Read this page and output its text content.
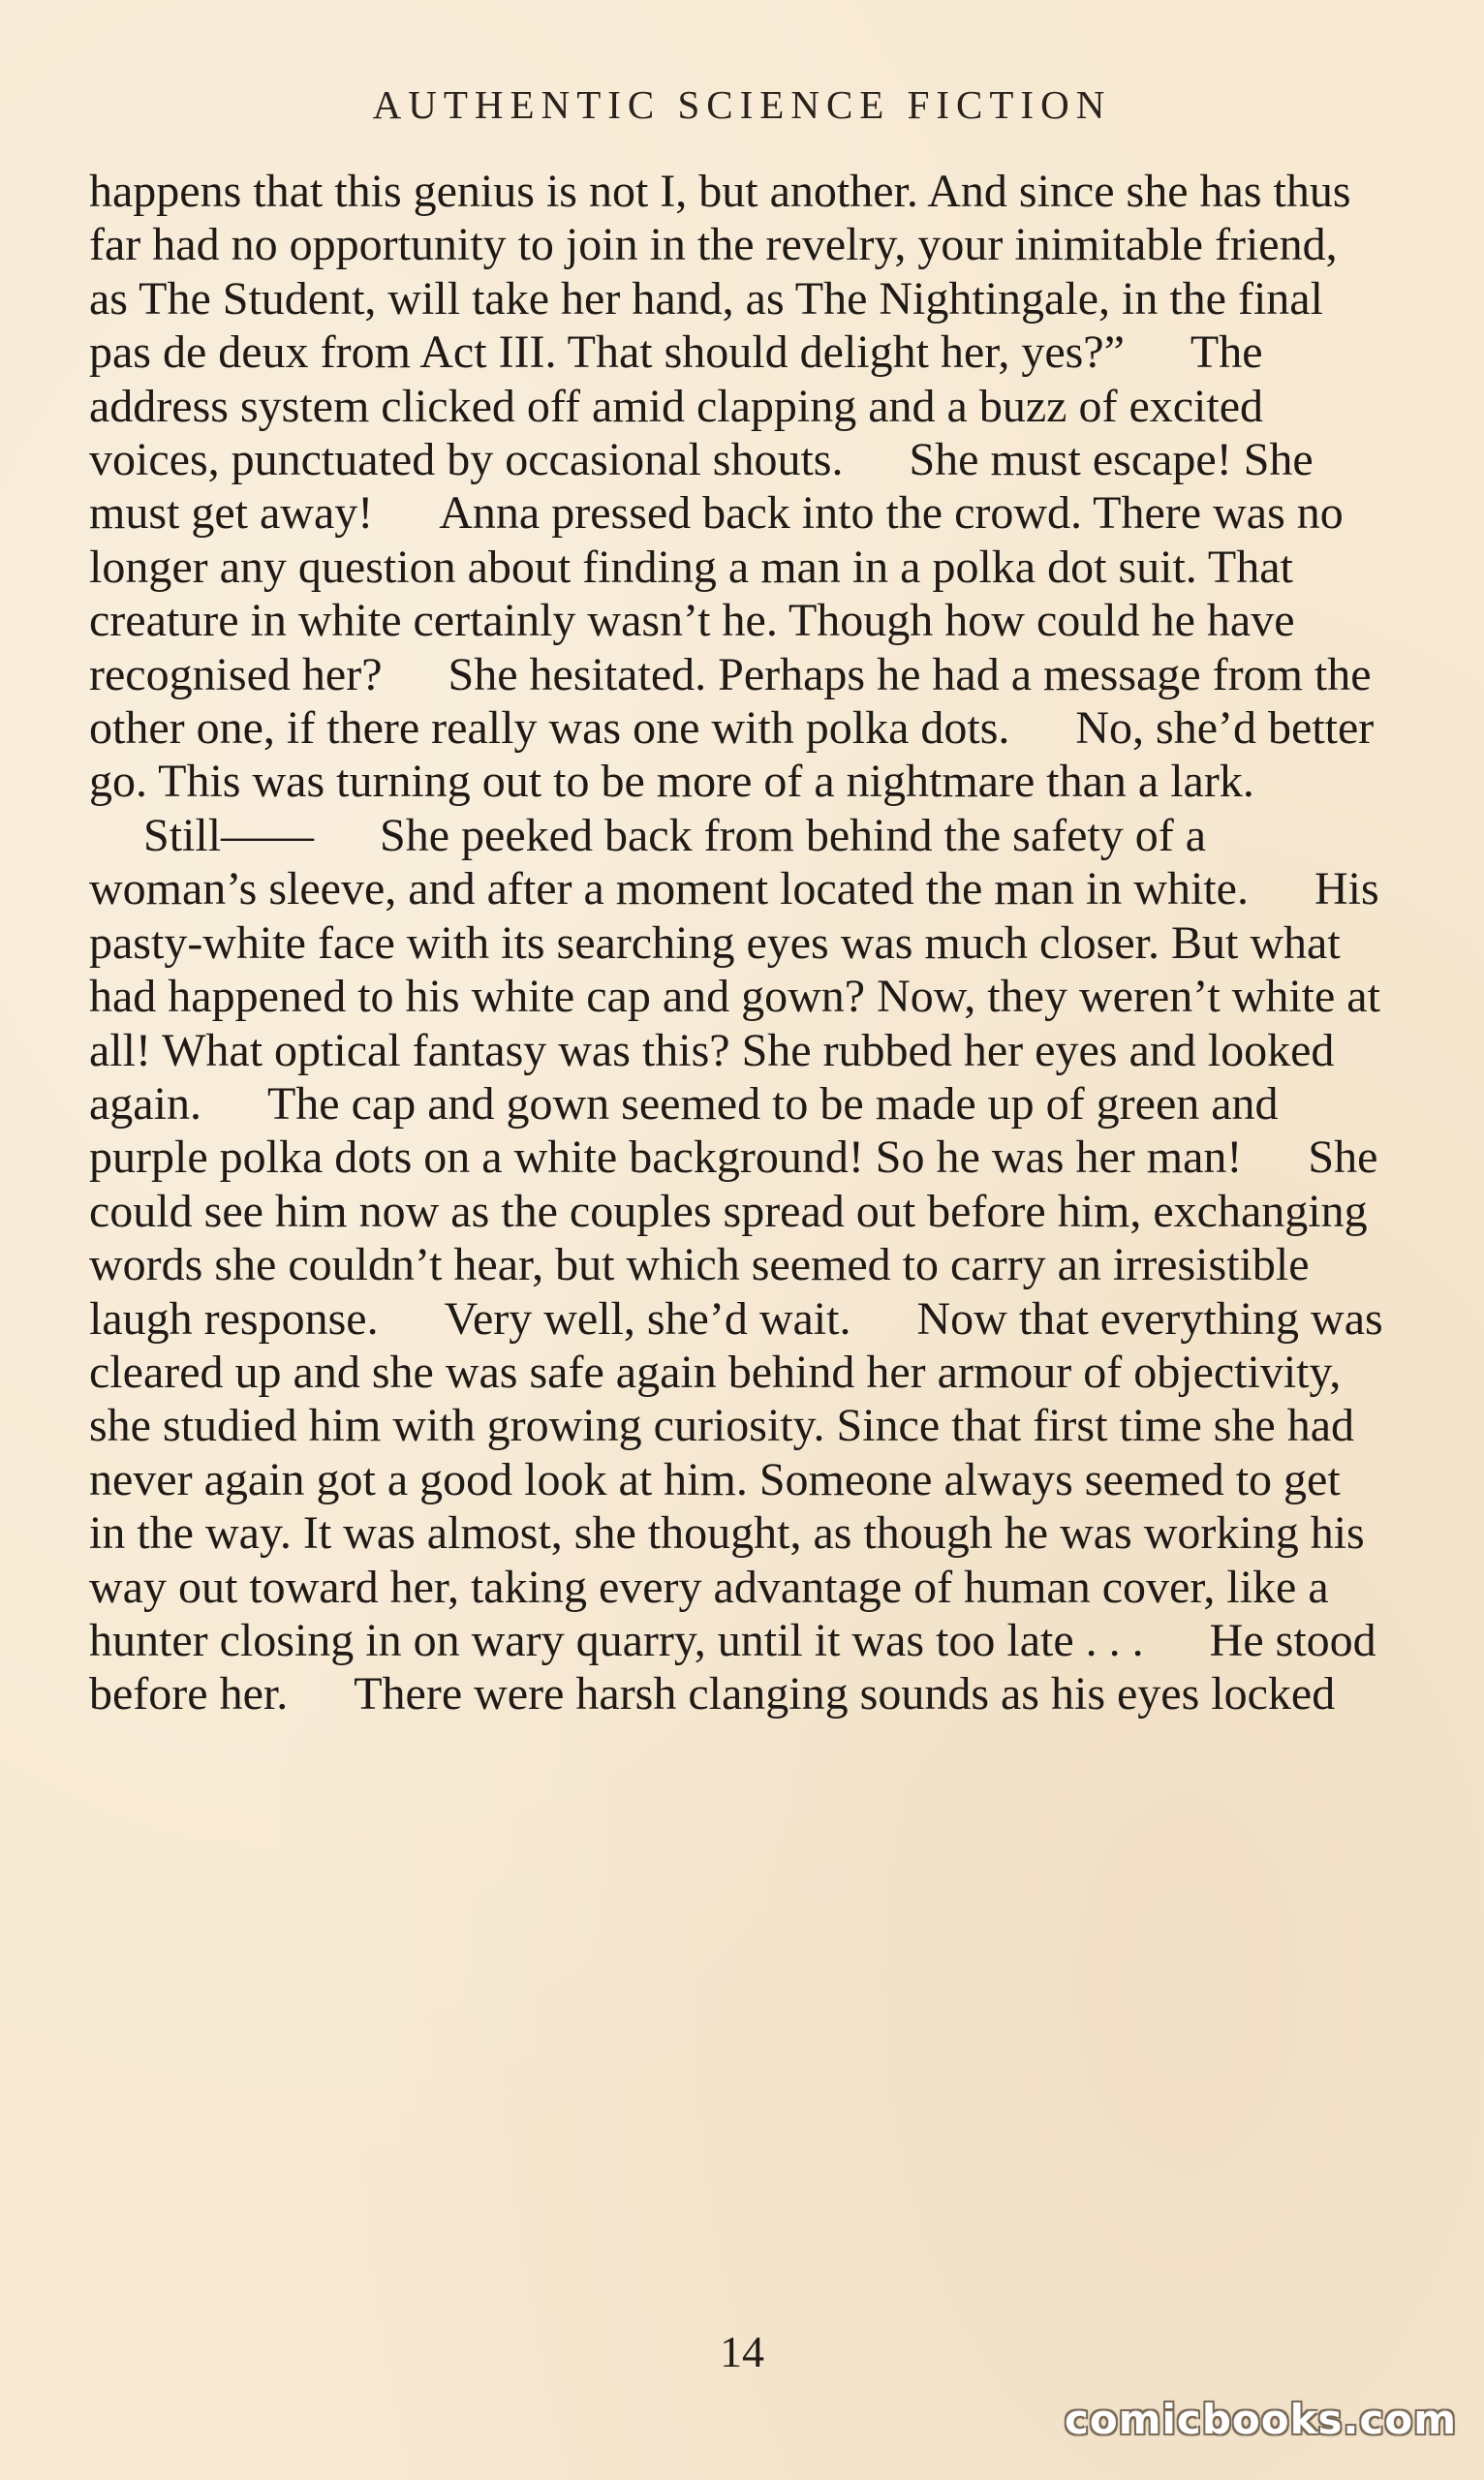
AUTHENTIC SCIENCE FICTION
happens that this genius is not I, but another. And since she has thus far had no opportunity to join in the revelry, your inimitable friend, as The Student, will take her hand, as The Nightingale, in the final pas de deux from Act III. That should delight her, yes?” The address system clicked off amid clapping and a buzz of excited voices, punctuated by occasional shouts. She must escape! She must get away! Anna pressed back into the crowd. There was no longer any question about finding a man in a polka dot suit. That creature in white certainly wasn’t he. Though how could he have recognised her? She hesitated. Perhaps he had a message from the other one, if there really was one with polka dots. No, she’d better go. This was turning out to be more of a nightmare than a lark. Still—— She peeked back from behind the safety of a woman’s sleeve, and after a moment located the man in white. His pasty-white face with its searching eyes was much closer. But what had happened to his white cap and gown? Now, they weren’t white at all! What optical fantasy was this? She rubbed her eyes and looked again. The cap and gown seemed to be made up of green and purple polka dots on a white background! So he was her man! She could see him now as the couples spread out before him, exchanging words she couldn’t hear, but which seemed to carry an irresistible laugh response. Very well, she’d wait. Now that everything was cleared up and she was safe again behind her armour of objectivity, she studied him with growing curiosity. Since that first time she had never again got a good look at him. Someone always seemed to get in the way. It was almost, she thought, as though he was working his way out toward her, taking every advantage of human cover, like a hunter closing in on wary quarry, until it was too late . . . He stood before her. There were harsh clanging sounds as his eyes locked
14
comicbooks.com
